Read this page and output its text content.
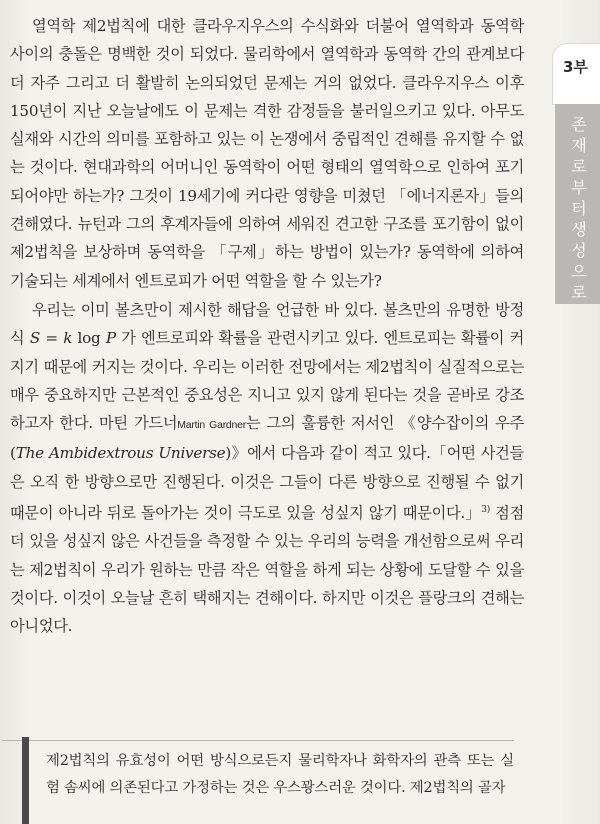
열역학 제2법칙에 대한 클라우지우스의 수식화와 더불어 열역학과 동역학 사이의 충돌은 명백한 것이 되었다. 물리학에서 열역학과 동역학 간의 관계보다 더 자주 그리고 더 활발히 논의되었던 문제는 거의 없었다. 클라우지우스 이후 150년이 지난 오늘날에도 이 문제는 격한 감정들을 불러일으키고 있다. 아무도 실재와 시간의 의미를 포함하고 있는 이 논쟁에서 중립적인 견해를 유지할 수 없는 것이다. 현대과학의 어머니인 동역학이 어떤 형태의 열역학으로 인하여 포기되어야만 하는가? 그것이 19세기에 커다란 영향을 미쳤던 「에너지론자」들의 견해였다. 뉴턴과 그의 후계자들에 의하여 세워진 견고한 구조를 포기함이 없이 제2법칙을 보상하며 동역학을 「구제」하는 방법이 있는가? 동역학에 의하여 기술되는 세계에서 엔트로피가 어떤 역할을 할 수 있는가?

우리는 이미 볼츠만이 제시한 해답을 언급한 바 있다. 볼츠만의 유명한 방정식 S = k log P 가 엔트로피와 확률을 관련시키고 있다. 엔트로피는 확률이 커지기 때문에 커지는 것이다. 우리는 이러한 전망에서는 제2법칙이 실질적으로는 매우 중요하지만 근본적인 중요성은 지니고 있지 않게 된다는 것을 곧바로 강조하고자 한다. 마틴 가드너Martin Gardner는 그의 훌륭한 저서인 《양수잡이의 우주(The Ambidextrous Universe)》에서 다음과 같이 적고 있다.「어떤 사건들은 오직 한 방향으로만 진행된다. 이것은 그들이 다른 방향으로 진행될 수 없기 때문이 아니라 뒤로 돌아가는 것이 극도로 있을 성싶지 않기 때문이다.」$^{3)}$ 점점 더 있을 성싶지 않은 사건들을 측정할 수 있는 우리의 능력을 개선함으로써 우리는 제2법칙이 우리가 원하는 만큼 작은 역할을 하게 되는 상황에 도달할 수 있을 것이다. 이것이 오늘날 흔히 택해지는 견해이다. 하지만 이것은 플랑크의 견해는 아니었다.

3부
존재로부터 생성으로

제2법칙의 유효성이 어떤 방식으로든지 물리학자나 화학자의 관측 또는 실험 솜씨에 의존된다고 가정하는 것은 우스꽝스러운 것이다. 제2법칙의 골자
